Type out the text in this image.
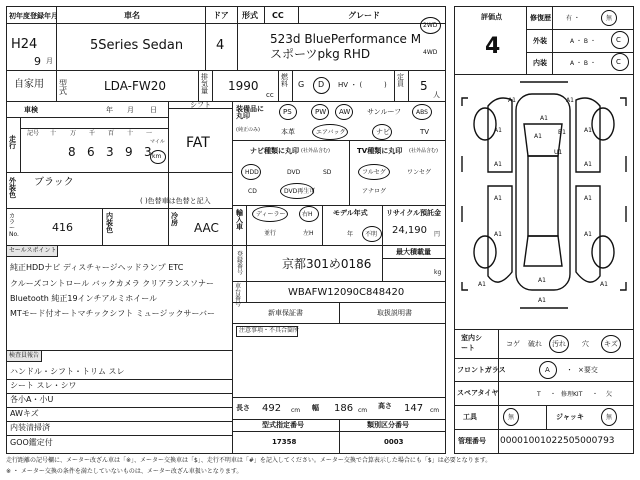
初年度登録年月	車名	ドア 形式 CC	グレード
H24
9 月
5Series Sedan	4	523d BluePerformance M
スポーツpkg RHD
2WD
4WD
自家用 型式	LDA-FW20
排気量 1990
cc
燃料 G D HV ・ (	)
定員 5
人
車検	年 月 日
走行
記号 十 万 千 百 十 一
8 6 3 9 3
マイル
km
シフト
FAT
外装色
ブラック
( )色替車は色替と記入
カラーNo.
416
内装色
冷房 AAC
装備品に丸印
(純正のみ)
PS	PW AW サンルーフ ABS
本革	エアバック	ナビ	TV
ナビ種類に丸印 (社外品含む)
HDD	DVD	SD
CD	DVD再生可
TV種類に丸印 (社外品含む)
フルセグ	ワンセグ
アナログ
輸入車
ディーラー	右H
並行	左H
モデル年式
年 不明
リサイクル預託金
24,190 円
セールスポイント
純正HDDナビ ディスチャージヘッドランプ ETC
クルーズコントロール バックカメラ クリアランスソナー
Bluetooth 純正19インチアルミホイール
MTモード付オートマチックシフト ミュージックサーバー
検査員報告
ハンドル・シフト・トリム スレ
シート スレ・シワ
各小A・小U
AWキズ
内装清掃済
GOO鑑定付
登録番号
京都301め0186
最大積載量
kg
車台番号
WBAFW12090C848420
新車保証書	取扱説明書
注意事項・不具合箇所
長さ 492 cm 幅 186 cm
高さ 147 cm
型式指定番号
17358
類別区分番号
0003
評価点
4
修復歴	有 ・	無
外装	A ・ B ・	C
内装	A ・ B ・	C
A1	A1
A1	A1
A1
A1
A1	A1
B1
A1	A1
A1	A1
A1	A1
A1
A1
U1
室内シート	コゲ 破れ 汚れ 穴 キズ
フロントガラス	A ・ ×要交
スペアタイヤ	T ・ 修理KIT ・ 欠
工具	無	ジャッキ	無
管理番号 00001001022505000793
走行距離の記号欄に、メーター改ざん車は「※」、メーター交換車は「$」、走行不明車は「#」を記入してください。メーター交換で合算表示した場合にも「$」は必要となります。
※ ・ メーター交換の条件を満たしていないものは、メーター改ざん車扱いとなります。
